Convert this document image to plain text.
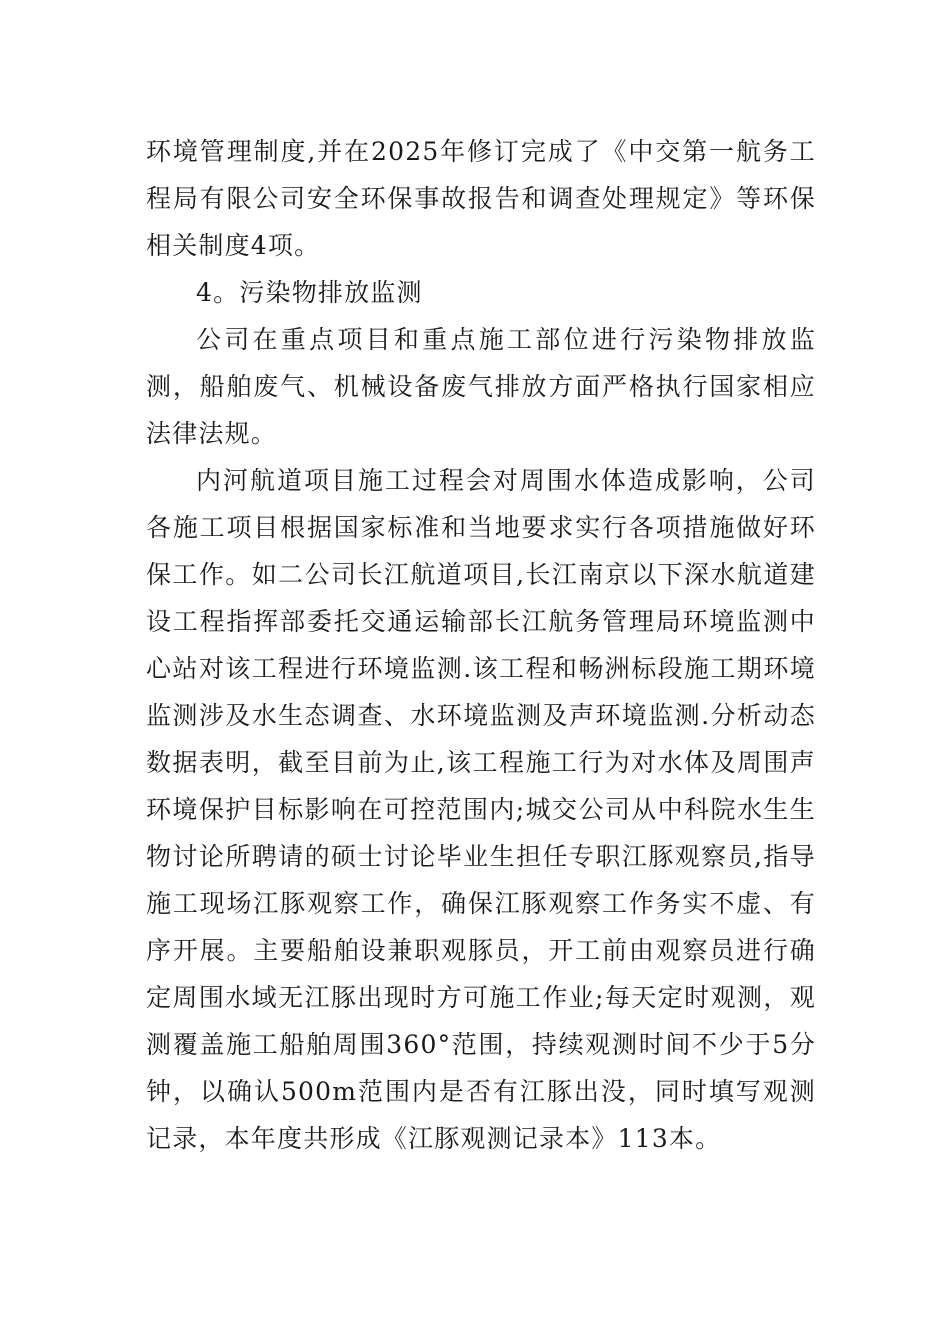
环境管理制度,并在2025年修订完成了《中交第一航务工程局有限公司安全环保事故报告和调查处理规定》等环保相关制度4项。

4。污染物排放监测

公司在重点项目和重点施工部位进行污染物排放监测，船舶废气、机械设备废气排放方面严格执行国家相应法律法规。

内河航道项目施工过程会对周围水体造成影响，公司各施工项目根据国家标准和当地要求实行各项措施做好环保工作。如二公司长江航道项目,长江南京以下深水航道建设工程指挥部委托交通运输部长江航务管理局环境监测中心站对该工程进行环境监测.该工程和畅洲标段施工期环境监测涉及水生态调查、水环境监测及声环境监测.分析动态数据表明，截至目前为止,该工程施工行为对水体及周围声环境保护目标影响在可控范围内;城交公司从中科院水生生物讨论所聘请的硕士讨论毕业生担任专职江豚观察员,指导施工现场江豚观察工作，确保江豚观察工作务实不虚、有序开展。主要船舶设兼职观豚员，开工前由观察员进行确定周围水域无江豚出现时方可施工作业;每天定时观测，观测覆盖施工船舶周围360°范围，持续观测时间不少于5分钟，以确认500m范围内是否有江豚出没，同时填写观测记录，本年度共形成《江豚观测记录本》113本。
